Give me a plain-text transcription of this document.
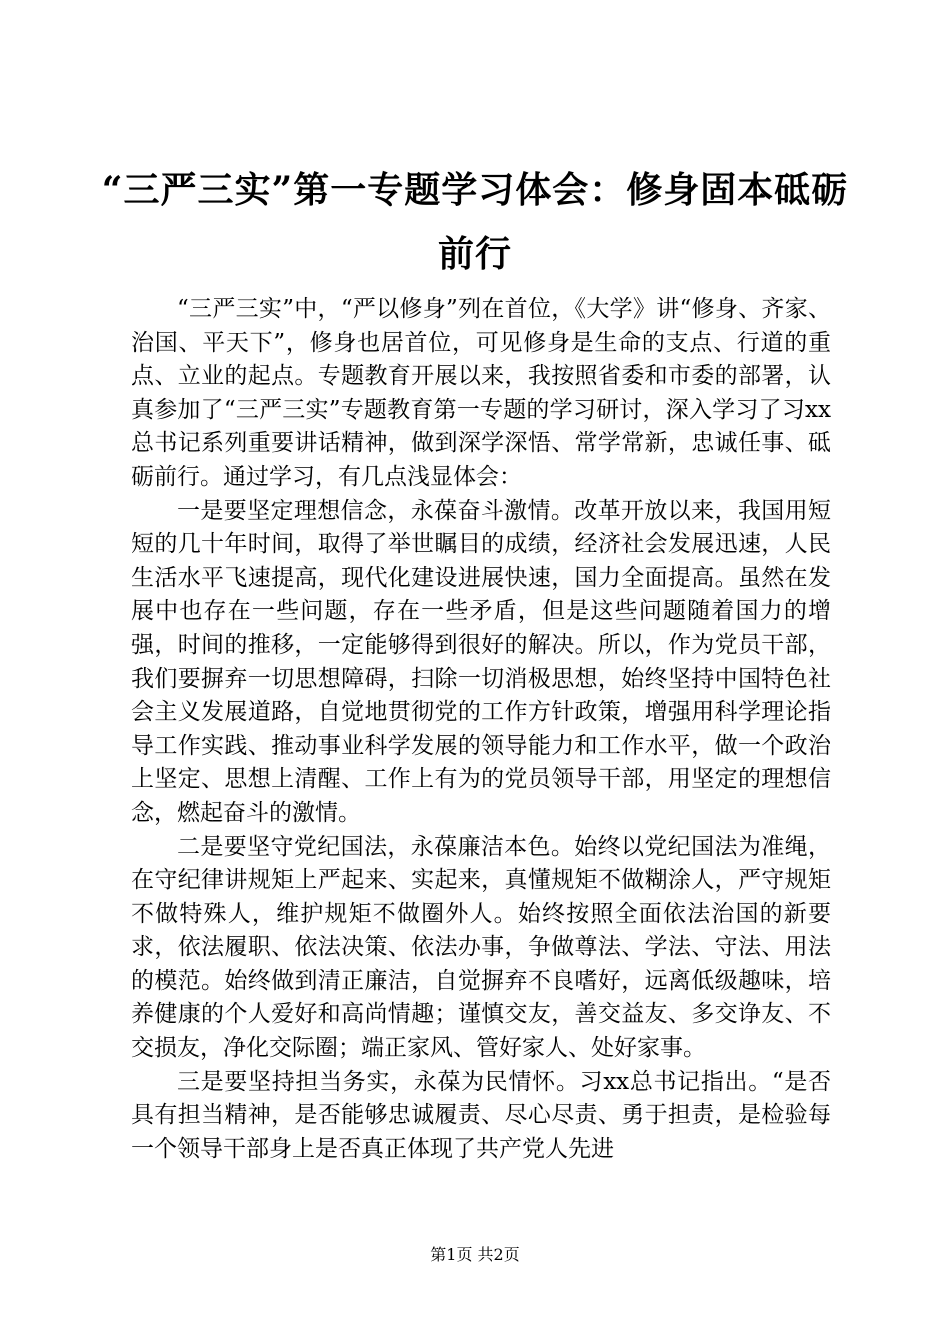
“三严三实”第一专题学习体会：修身固本砥砺前行

“三严三实”中，“严以修身”列在首位，《大学》讲“修身、齐家、治国、平天下”，修身也居首位，可见修身是生命的支点、行道的重点、立业的起点。专题教育开展以来，我按照省委和市委的部署，认真参加了“三严三实”专题教育第一专题的学习研讨，深入学习了习xx总书记系列重要讲话精神，做到深学深悟、常学常新，忠诚任事、砥砺前行。通过学习，有几点浅显体会：

一是要坚定理想信念，永葆奋斗激情。改革开放以来，我国用短短的几十年时间，取得了举世瞩目的成绩，经济社会发展迅速，人民生活水平飞速提高，现代化建设进展快速，国力全面提高。虽然在发展中也存在一些问题，存在一些矛盾，但是这些问题随着国力的增强，时间的推移，一定能够得到很好的解决。所以，作为党员干部，我们要摒弃一切思想障碍，扫除一切消极思想，始终坚持中国特色社会主义发展道路，自觉地贯彻党的工作方针政策，增强用科学理论指导工作实践、推动事业科学发展的领导能力和工作水平，做一个政治上坚定、思想上清醒、工作上有为的党员领导干部，用坚定的理想信念，燃起奋斗的激情。

二是要坚守党纪国法，永葆廉洁本色。始终以党纪国法为准绳，在守纪律讲规矩上严起来、实起来，真懂规矩不做糊涂人，严守规矩不做特殊人，维护规矩不做圈外人。始终按照全面依法治国的新要求，依法履职、依法决策、依法办事，争做尊法、学法、守法、用法的模范。始终做到清正廉洁，自觉摒弃不良嗜好，远离低级趣味，培养健康的个人爱好和高尚情趣；谨慎交友，善交益友、多交诤友、不交损友，净化交际圈；端正家风、管好家人、处好家事。

三是要坚持担当务实，永葆为民情怀。习xx总书记指出。“是否具有担当精神，是否能够忠诚履责、尽心尽责、勇于担责，是检验每一个领导干部身上是否真正体现了共产党人先进

第1页 共2页
